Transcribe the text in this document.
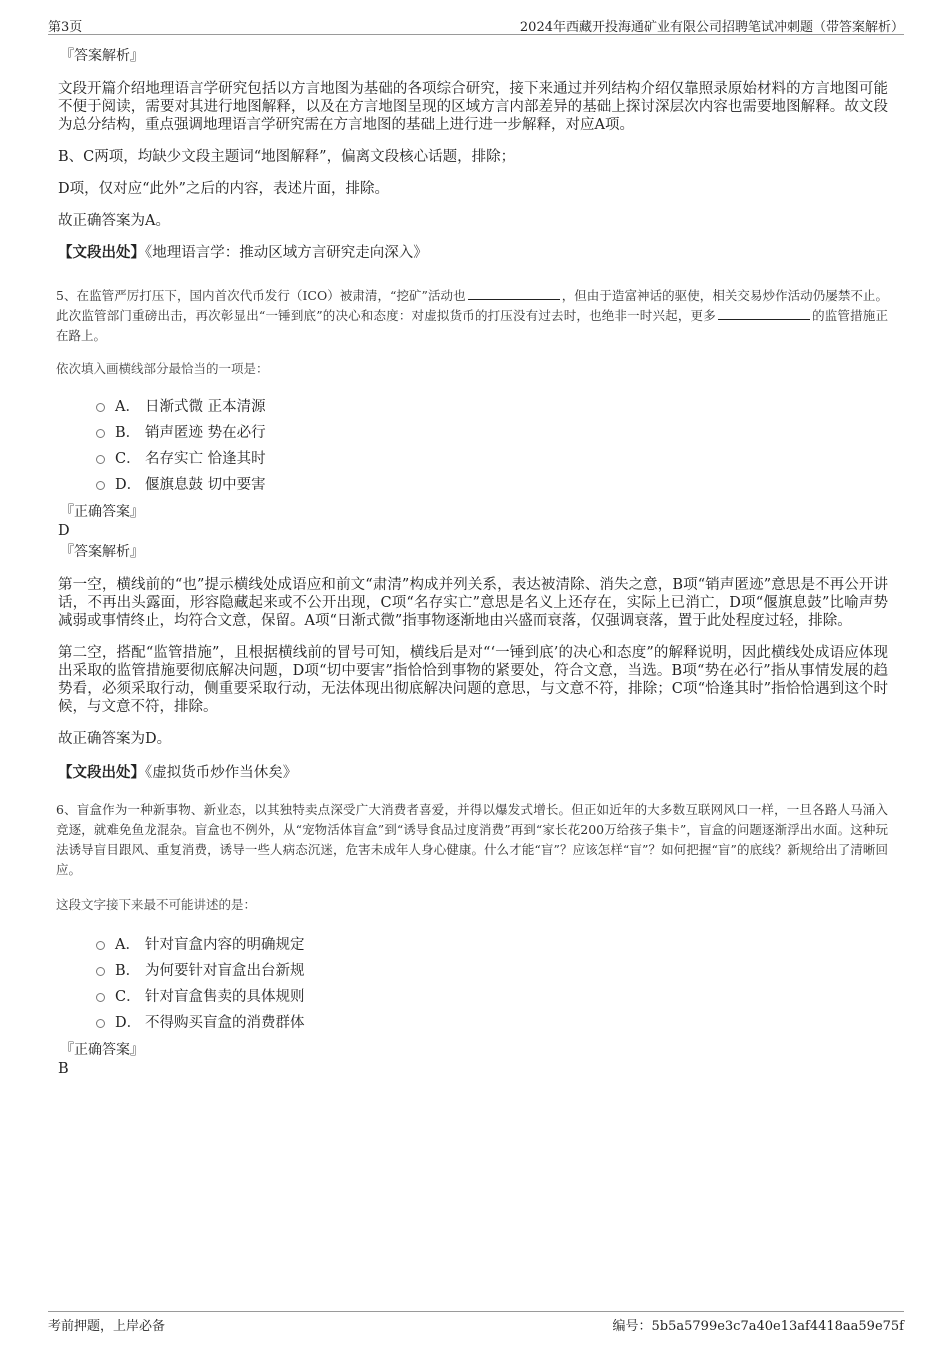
第3页	2024年西藏开投海通矿业有限公司招聘笔试冲刺题（带答案解析）

『答案解析』

文段开篇介绍地理语言学研究包括以方言地图为基础的各项综合研究，接下来通过并列结构介绍仅靠照录原始材料的方言地图可能不便于阅读，需要对其进行地图解释，以及在方言地图呈现的区域方言内部差异的基础上探讨深层次内容也需要地图解释。故文段为总分结构，重点强调地理语言学研究需在方言地图的基础上进行进一步解释，对应A项。

B、C两项，均缺少文段主题词“地图解释”，偏离文段核心话题，排除；

D项，仅对应“此外”之后的内容，表述片面，排除。

故正确答案为A。

【文段出处】《地理语言学：推动区域方言研究走向深入》

5、在监管严厉打压下，国内首次代币发行（ICO）被肃清，“挖矿”活动也	，但由于造富神话的驱使，相关交易炒作活动仍屡禁不止。此次监管部门重磅出击，再次彰显出“一锤到底”的决心和态度：对虚拟货币的打压没有过去时，也绝非一时兴起，更多	的监管措施正在路上。

依次填入画横线部分最恰当的一项是：

A． 日渐式微 正本清源
B． 销声匿迹 势在必行
C． 名存实亡 恰逢其时
D． 偃旗息鼓 切中要害

『正确答案』

D

『答案解析』

第一空，横线前的“也”提示横线处成语应和前文“肃清”构成并列关系，表达被清除、消失之意，B项“销声匿迹”意思是不再公开讲话，不再出头露面，形容隐藏起来或不公开出现，C项“名存实亡”意思是名义上还存在，实际上已消亡，D项“偃旗息鼓”比喻声势减弱或事情终止，均符合文意，保留。A项“日渐式微”指事物逐渐地由兴盛而衰落，仅强调衰落，置于此处程度过轻，排除。

第二空，搭配“监管措施”，且根据横线前的冒号可知，横线后是对“‘一锤到底’的决心和态度”的解释说明，因此横线处成语应体现出采取的监管措施要彻底解决问题，D项“切中要害”指恰恰到事物的紧要处，符合文意，当选。B项“势在必行”指从事情发展的趋势看，必须采取行动，侧重要采取行动，无法体现出彻底解决问题的意思，与文意不符，排除；C项“恰逢其时”指恰恰遇到这个时候，与文意不符，排除。

故正确答案为D。

【文段出处】《虚拟货币炒作当休矣》

6、盲盒作为一种新事物、新业态，以其独特卖点深受广大消费者喜爱，并得以爆发式增长。但正如近年的大多数互联网风口一样，一旦各路人马涌入竞逐，就难免鱼龙混杂。盲盒也不例外，从“宠物活体盲盒”到“诱导食品过度消费”再到“家长花200万给孩子集卡”，盲盒的问题逐渐浮出水面。这种玩法诱导盲目跟风、重复消费，诱导一些人病态沉迷，危害未成年人身心健康。什么才能“盲”？应该怎样“盲”？如何把握“盲”的底线？新规给出了清晰回应。

这段文字接下来最不可能讲述的是：

A． 针对盲盒内容的明确规定
B． 为何要针对盲盒出台新规
C． 针对盲盒售卖的具体规则
D． 不得购买盲盒的消费群体

『正确答案』

B

考前押题，上岸必备	编号：5b5a5799e3c7a40e13af4418aa59e75f
